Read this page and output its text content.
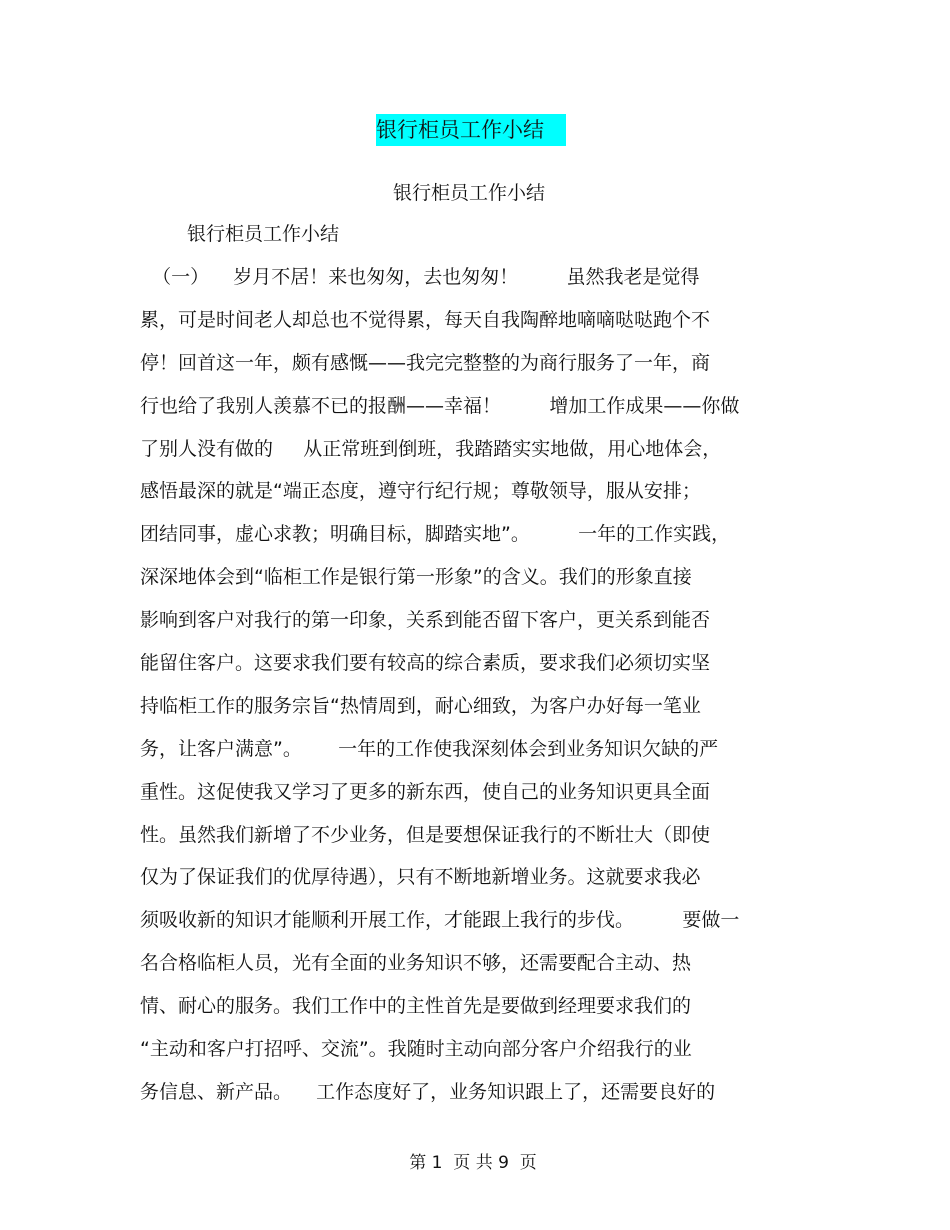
银行柜员工作小结
银行柜员工作小结
银行柜员工作小结
（一）    岁月不居！来也匆匆，去也匆匆！        虽然我老是觉得
累，可是时间老人却总也不觉得累，每天自我陶醉地嘀嘀哒哒跑个不
停！回首这一年，颇有感慨——我完完整整的为商行服务了一年，商
行也给了我别人羡慕不已的报酬——幸福！        增加工作成果——你做
了别人没有做的     从正常班到倒班，我踏踏实实地做，用心地体会，
感悟最深的就是“端正态度，遵守行纪行规；尊敬领导，服从安排；
团结同事，虚心求教；明确目标，脚踏实地”。        一年的工作实践，
深深地体会到“临柜工作是银行第一形象”的含义。我们的形象直接
影响到客户对我行的第一印象，关系到能否留下客户，更关系到能否
能留住客户。这要求我们要有较高的综合素质，要求我们必须切实坚
持临柜工作的服务宗旨“热情周到，耐心细致，为客户办好每一笔业
务，让客户满意”。      一年的工作使我深刻体会到业务知识欠缺的严
重性。这促使我又学习了更多的新东西，使自己的业务知识更具全面
性。虽然我们新增了不少业务，但是要想保证我行的不断壮大（即使
仅为了保证我们的优厚待遇），只有不断地新增业务。这就要求我必
须吸收新的知识才能顺利开展工作，才能跟上我行的步伐。        要做一
名合格临柜人员，光有全面的业务知识不够，还需要配合主动、热
情、耐心的服务。我们工作中的主性首先是要做到经理要求我们的
“主动和客户打招呼、交流”。我随时主动向部分客户介绍我行的业
务信息、新产品。    工作态度好了，业务知识跟上了，还需要良好的
第 1  页 共 9  页
